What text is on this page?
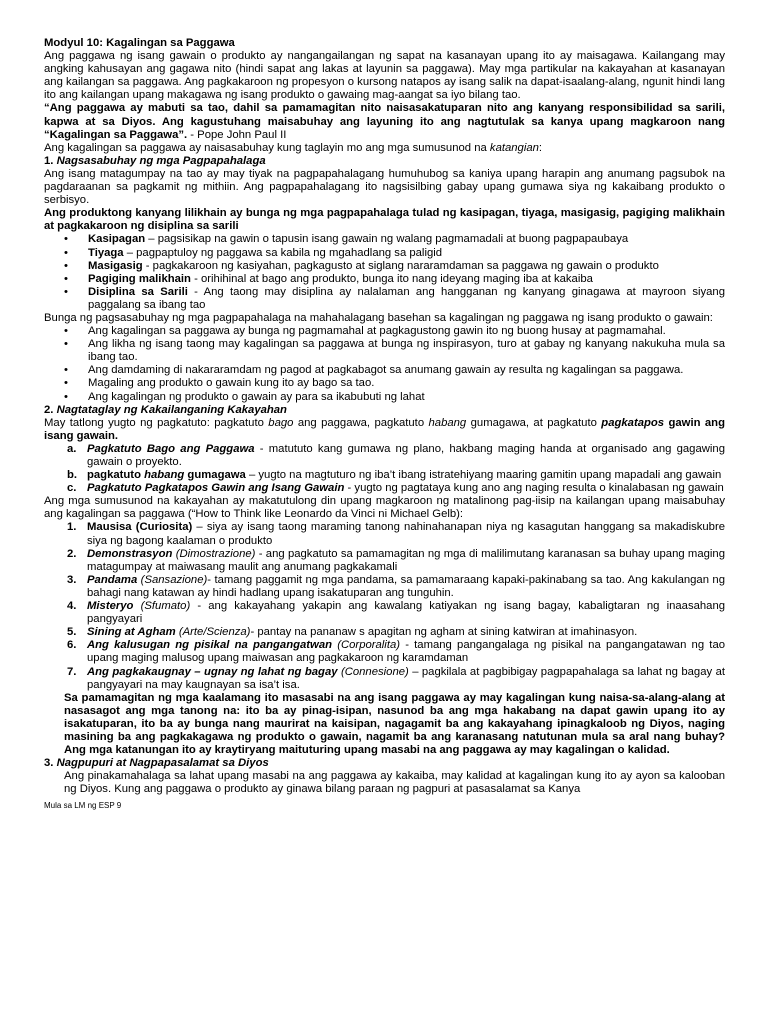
Modyul 10: Kagalingan sa Paggawa

Ang paggawa ng isang gawain o produkto ay nangangailangan ng sapat na kasanayan upang ito ay maisagawa. Kailangang may angking kahusayan ang gagawa nito (hindi sapat ang lakas at layunin sa paggawa). May mga partikular na kakayahan at kasanayan ang kailangan sa paggawa. Ang pagkakaroon ng propesyon o kursong natapos ay isang salik na dapat-isaalang-alang, ngunit hindi lang ito ang kailangan upang makagawa ng isang produkto o gawaing mag-aangat sa iyo bilang tao.

“Ang paggawa ay mabuti sa tao, dahil sa pamamagitan nito naisasakatuparan nito ang kanyang responsibilidad sa sarili, kapwa at sa Diyos. Ang kagustuhang maisabuhay ang layuning ito ang nagtutulak sa kanya upang magkaroon nang “Kagalingan sa Paggawa”. - Pope John Paul II

Ang kagalingan sa paggawa ay naisasabuhay kung taglayin mo ang mga sumusunod na katangian:

1. Nagsasabuhay ng mga Pagpapahalaga

Ang isang matagumpay na tao ay may tiyak na pagpapahalagang humuhubog sa kaniya upang harapin ang anumang pagsubok na pagdaraanan sa pagkamit ng mithiin. Ang pagpapahalagang ito nagsisilbing gabay upang gumawa siya ng kakaibang produkto o serbisyo.

Ang produktong kanyang lilikhain ay bunga ng mga pagpapahalaga tulad ng kasipagan, tiyaga, masigasig, pagiging malikhain at pagkakaroon ng disiplina sa sarili

• Kasipagan – pagsisikap na gawin o tapusin isang gawain ng walang pagmamadali at buong pagpapaubaya
• Tiyaga – pagpaptuloy ng paggawa sa kabila ng mgahadlang sa paligid
• Masigasig - pagkakaroon ng kasiyahan, pagkagusto at siglang nararamdaman sa paggawa ng gawain o produkto
• Pagiging malikhain - orihihinal at bago ang produkto, bunga ito nang ideyang maging iba at kakaiba
• Disiplina sa Sarili - Ang taong may disiplina ay nalalaman ang hangganan ng kanyang ginagawa at mayroon siyang paggalang sa ibang tao

Bunga ng pagsasabuhay ng mga pagpapahalaga na mahahalagang basehan sa kagalingan ng paggawa ng isang produkto o gawain:

• Ang kagalingan sa paggawa ay bunga ng pagmamahal at pagkagustong gawin ito ng buong husay at pagmamahal.
• Ang likha ng isang taong may kagalingan sa paggawa at bunga ng inspirasyon, turo at gabay ng kanyang nakukuha mula sa ibang tao.
• Ang damdaming di nakararamdam ng pagod at pagkabagot sa anumang gawain ay resulta ng kagalingan sa paggawa.
• Magaling ang produkto o gawain kung ito ay bago sa tao.
• Ang kagalingan ng produkto o gawain ay para sa ikabubuti ng lahat

2. Nagtataglay ng Kakailanganing Kakayahan

May tatlong yugto ng pagkatuto: pagkatuto bago ang paggawa, pagkatuto habang gumagawa, at pagkatuto pagkatapos gawin ang isang gawain.

a. Pagkatuto Bago ang Paggawa - matututo kang gumawa ng plano, hakbang maging handa at organisado ang gagawing gawain o proyekto.
b. pagkatuto habang gumagawa – yugto na magtuturo ng iba’t ibang istratehiyang maaring gamitin upang mapadali ang gawain
c. Pagkatuto Pagkatapos Gawin ang Isang Gawain - yugto ng pagtataya kung ano ang naging resulta o kinalabasan ng gawain

Ang mga sumusunod na kakayahan ay makatutulong din upang magkaroon ng matalinong pag-iisip na kailangan upang maisabuhay ang kagalingan sa paggawa (“How to Think like Leonardo da Vinci ni Michael Gelb):

1. Mausisa (Curiosita) – siya ay isang taong maraming tanong nahinahanapan niya ng kasagutan hanggang sa makadiskubre siya ng bagong kaalaman o produkto
2. Demonstrasyon (Dimostrazione) - ang pagkatuto sa pamamagitan ng mga di malilimutang karanasan sa buhay upang maging matagumpay at maiwasang maulit ang anumang pagkakamali
3. Pandama (Sansazione)- tamang paggamit ng mga pandama, sa pamamaraang kapaki-pakinabang sa tao. Ang kakulangan ng bahagi nang katawan ay hindi hadlang upang isakatuparan ang tunguhin.
4. Misteryo (Sfumato) - ang kakayahang yakapin ang kawalang katiyakan ng isang bagay, kabaligtaran ng inaasahang pangyayari
5. Sining at Agham (Arte/Scienza)- pantay na pananaw s apagitan ng agham at sining katwiran at imahinasyon.
6. Ang kalusugan ng pisikal na pangangatwan (Corporalita) - tamang pangangalaga ng pisikal na pangangatawan ng tao upang maging malusog upang maiwasan ang pagkakaroon ng karamdaman
7. Ang pagkakaugnay – ugnay ng lahat ng bagay (Connesione) – pagkilala at pagbibigay pagpapahalaga sa lahat ng bagay at pangyayari na may kaugnayan sa isa’t isa.

Sa pamamagitan ng mga kaalamang ito masasabi na ang isang paggawa ay may kagalingan kung naisa-sa-alang-alang at nasasagot ang mga tanong na: ito ba ay pinag-isipan, nasunod ba ang mga hakabang na dapat gawin upang ito ay isakatuparan, ito ba ay bunga nang maurirat na kaisipan, nagagamit ba ang kakayahang ipinagkaloob ng Diyos, naging masining ba ang pagkakagawa ng produkto o gawain, nagamit ba ang karanasang natutunan mula sa aral nang buhay? Ang mga katanungan ito ay kraytiryang maituturing upang masabi na ang paggawa ay may kagalingan o kalidad.

3. Nagpupuri at Nagpapasalamat sa Diyos

Ang pinakamahalaga sa lahat upang masabi na ang paggawa ay kakaiba, may kalidad at kagalingan kung ito ay ayon sa kalooban ng Diyos. Kung ang paggawa o produkto ay ginawa bilang paraan ng pagpuri at pasasalamat sa Kanya

Mula sa LM ng ESP 9
